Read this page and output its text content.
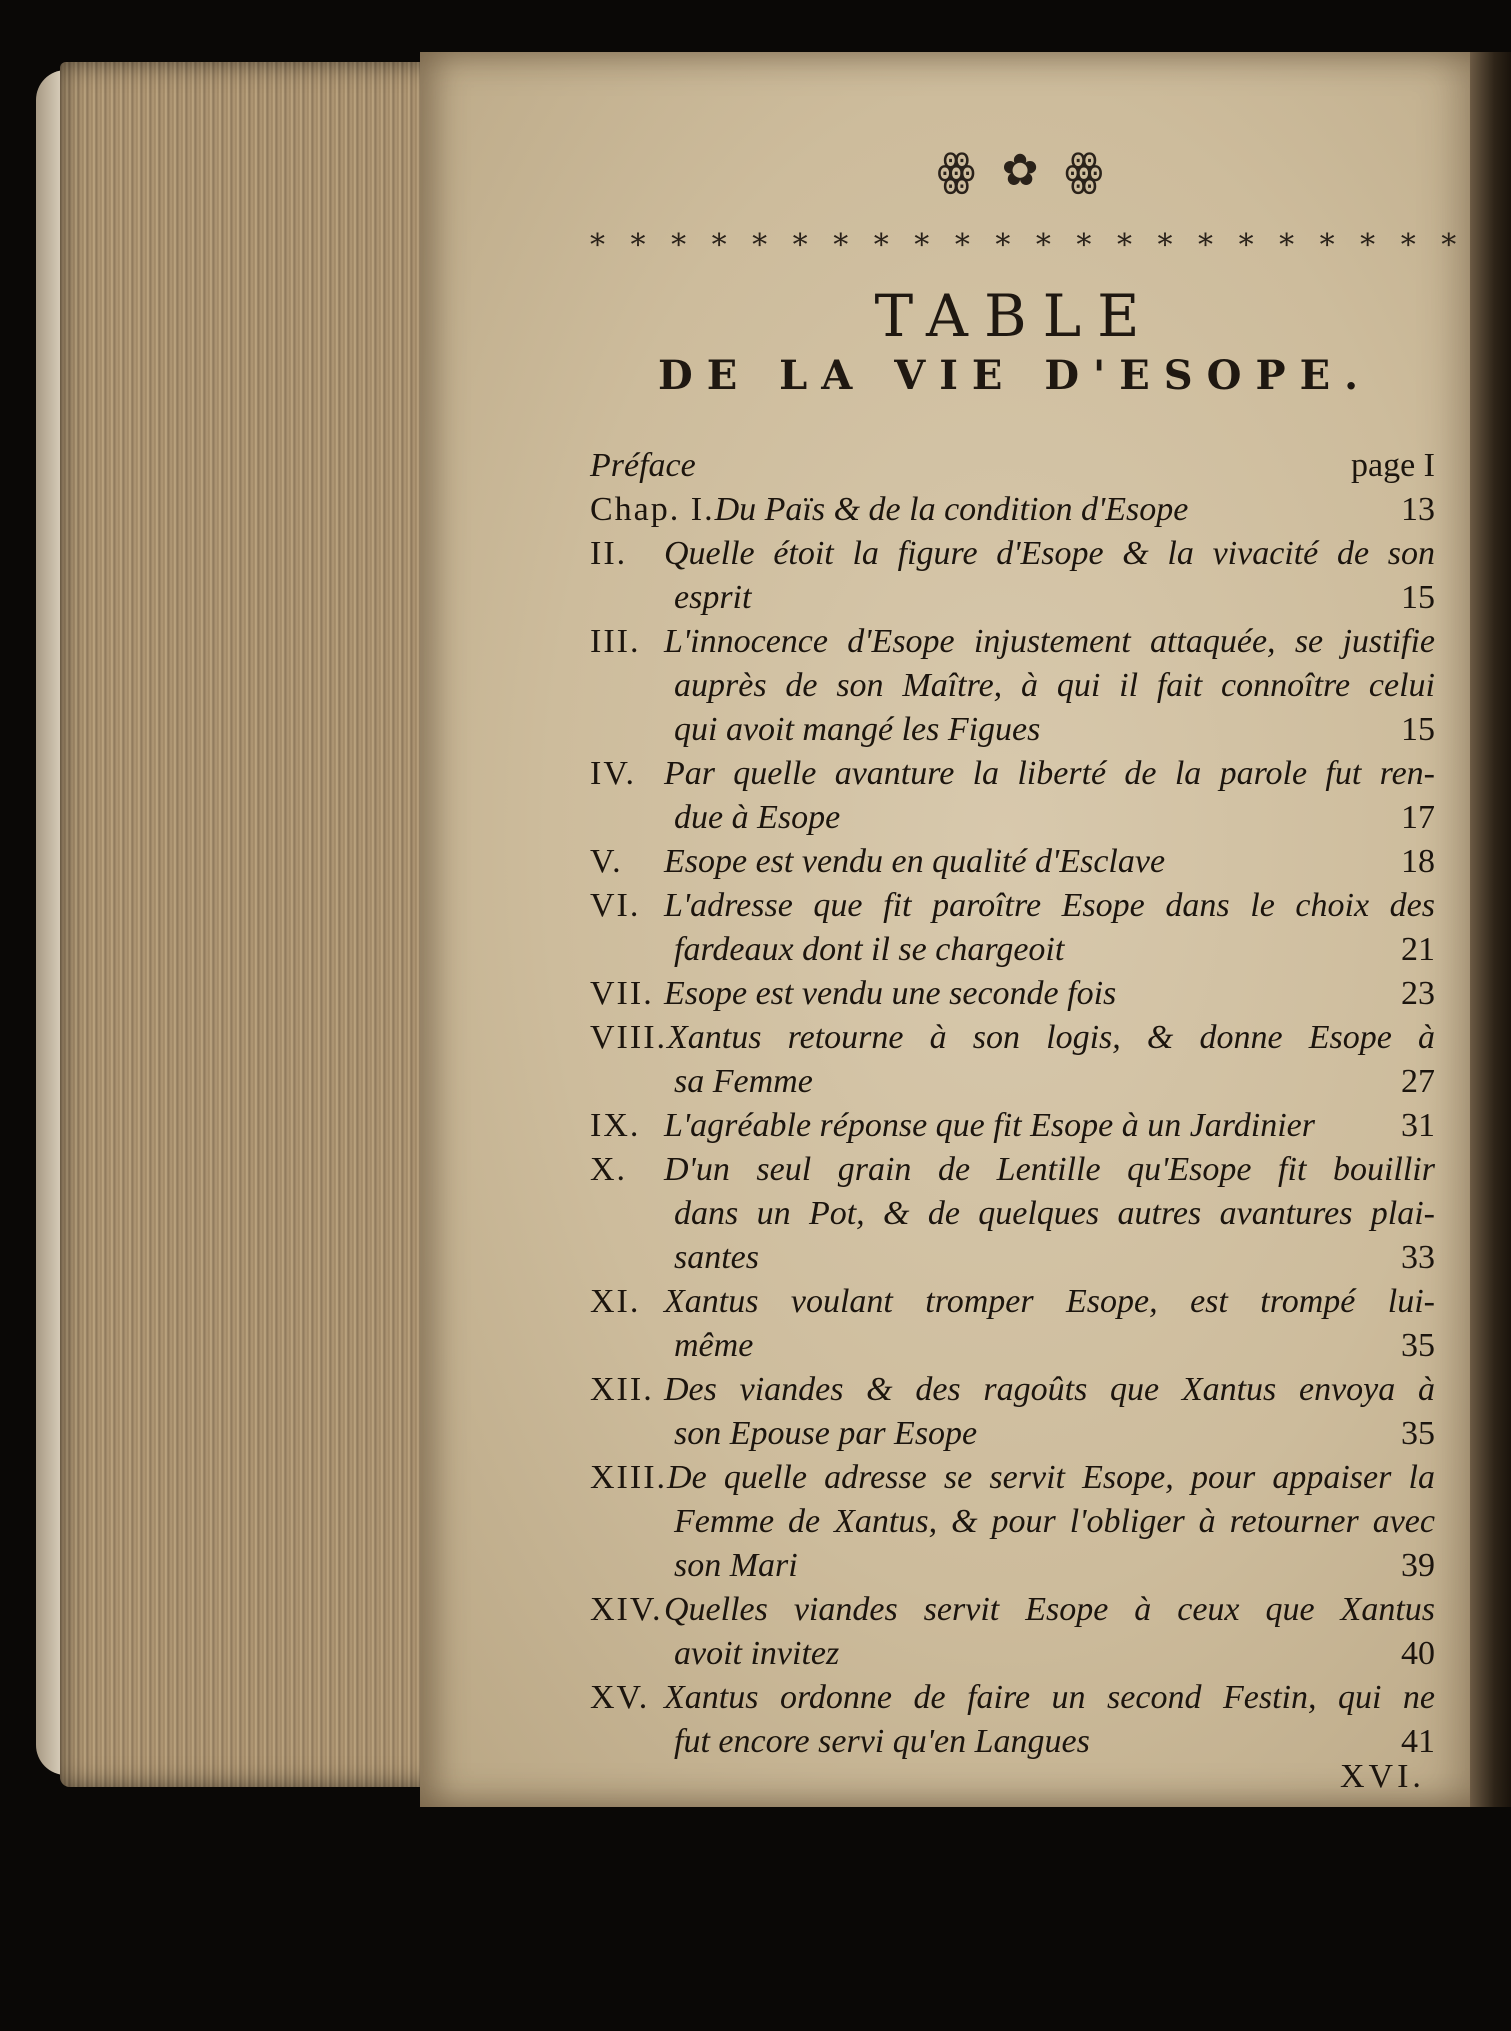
ꙮ ✿ ꙮ
* * * * * * * * * * * * * * * * * * * * * *
TABLE
DE LA VIE D'ESOPE.
Préface	page I
Chap. I. Du Païs & de la condition d'Esope	13
II.	Quelle étoit la figure d'Esope & la vivacité de son
esprit	15
III. L'innocence d'Esope injustement attaquée, se justifie
auprès de son Maître, à qui il fait connoître celui
qui avoit mangé les Figues	15
IV. Par quelle avanture la liberté de la parole fut ren-
due à Esope	17
V.	Esope est vendu en qualité d'Esclave	18
VI. L'adresse que fit paroître Esope dans le choix des
fardeaux dont il se chargeoit	21
VII. Esope est vendu une seconde fois	23
VIII. Xantus retourne à son logis, & donne Esope à
sa Femme	27
IX. L'agréable réponse que fit Esope à un Jardinier	31
X.	D'un seul grain de Lentille qu'Esope fit bouillir
dans un Pot, & de quelques autres avantures plai-
santes	33
XI. Xantus voulant tromper Esope, est trompé lui-
même	35
XII. Des viandes & des ragoûts que Xantus envoya à
son Epouse par Esope	35
XIII. De quelle adresse se servit Esope, pour appaiser la
Femme de Xantus, & pour l'obliger à retourner avec
son Mari	39
XIV. Quelles viandes servit Esope à ceux que Xantus
avoit invitez	40
XV. Xantus ordonne de faire un second Festin, qui ne
fut encore servi qu'en Langues	41
XVI.
